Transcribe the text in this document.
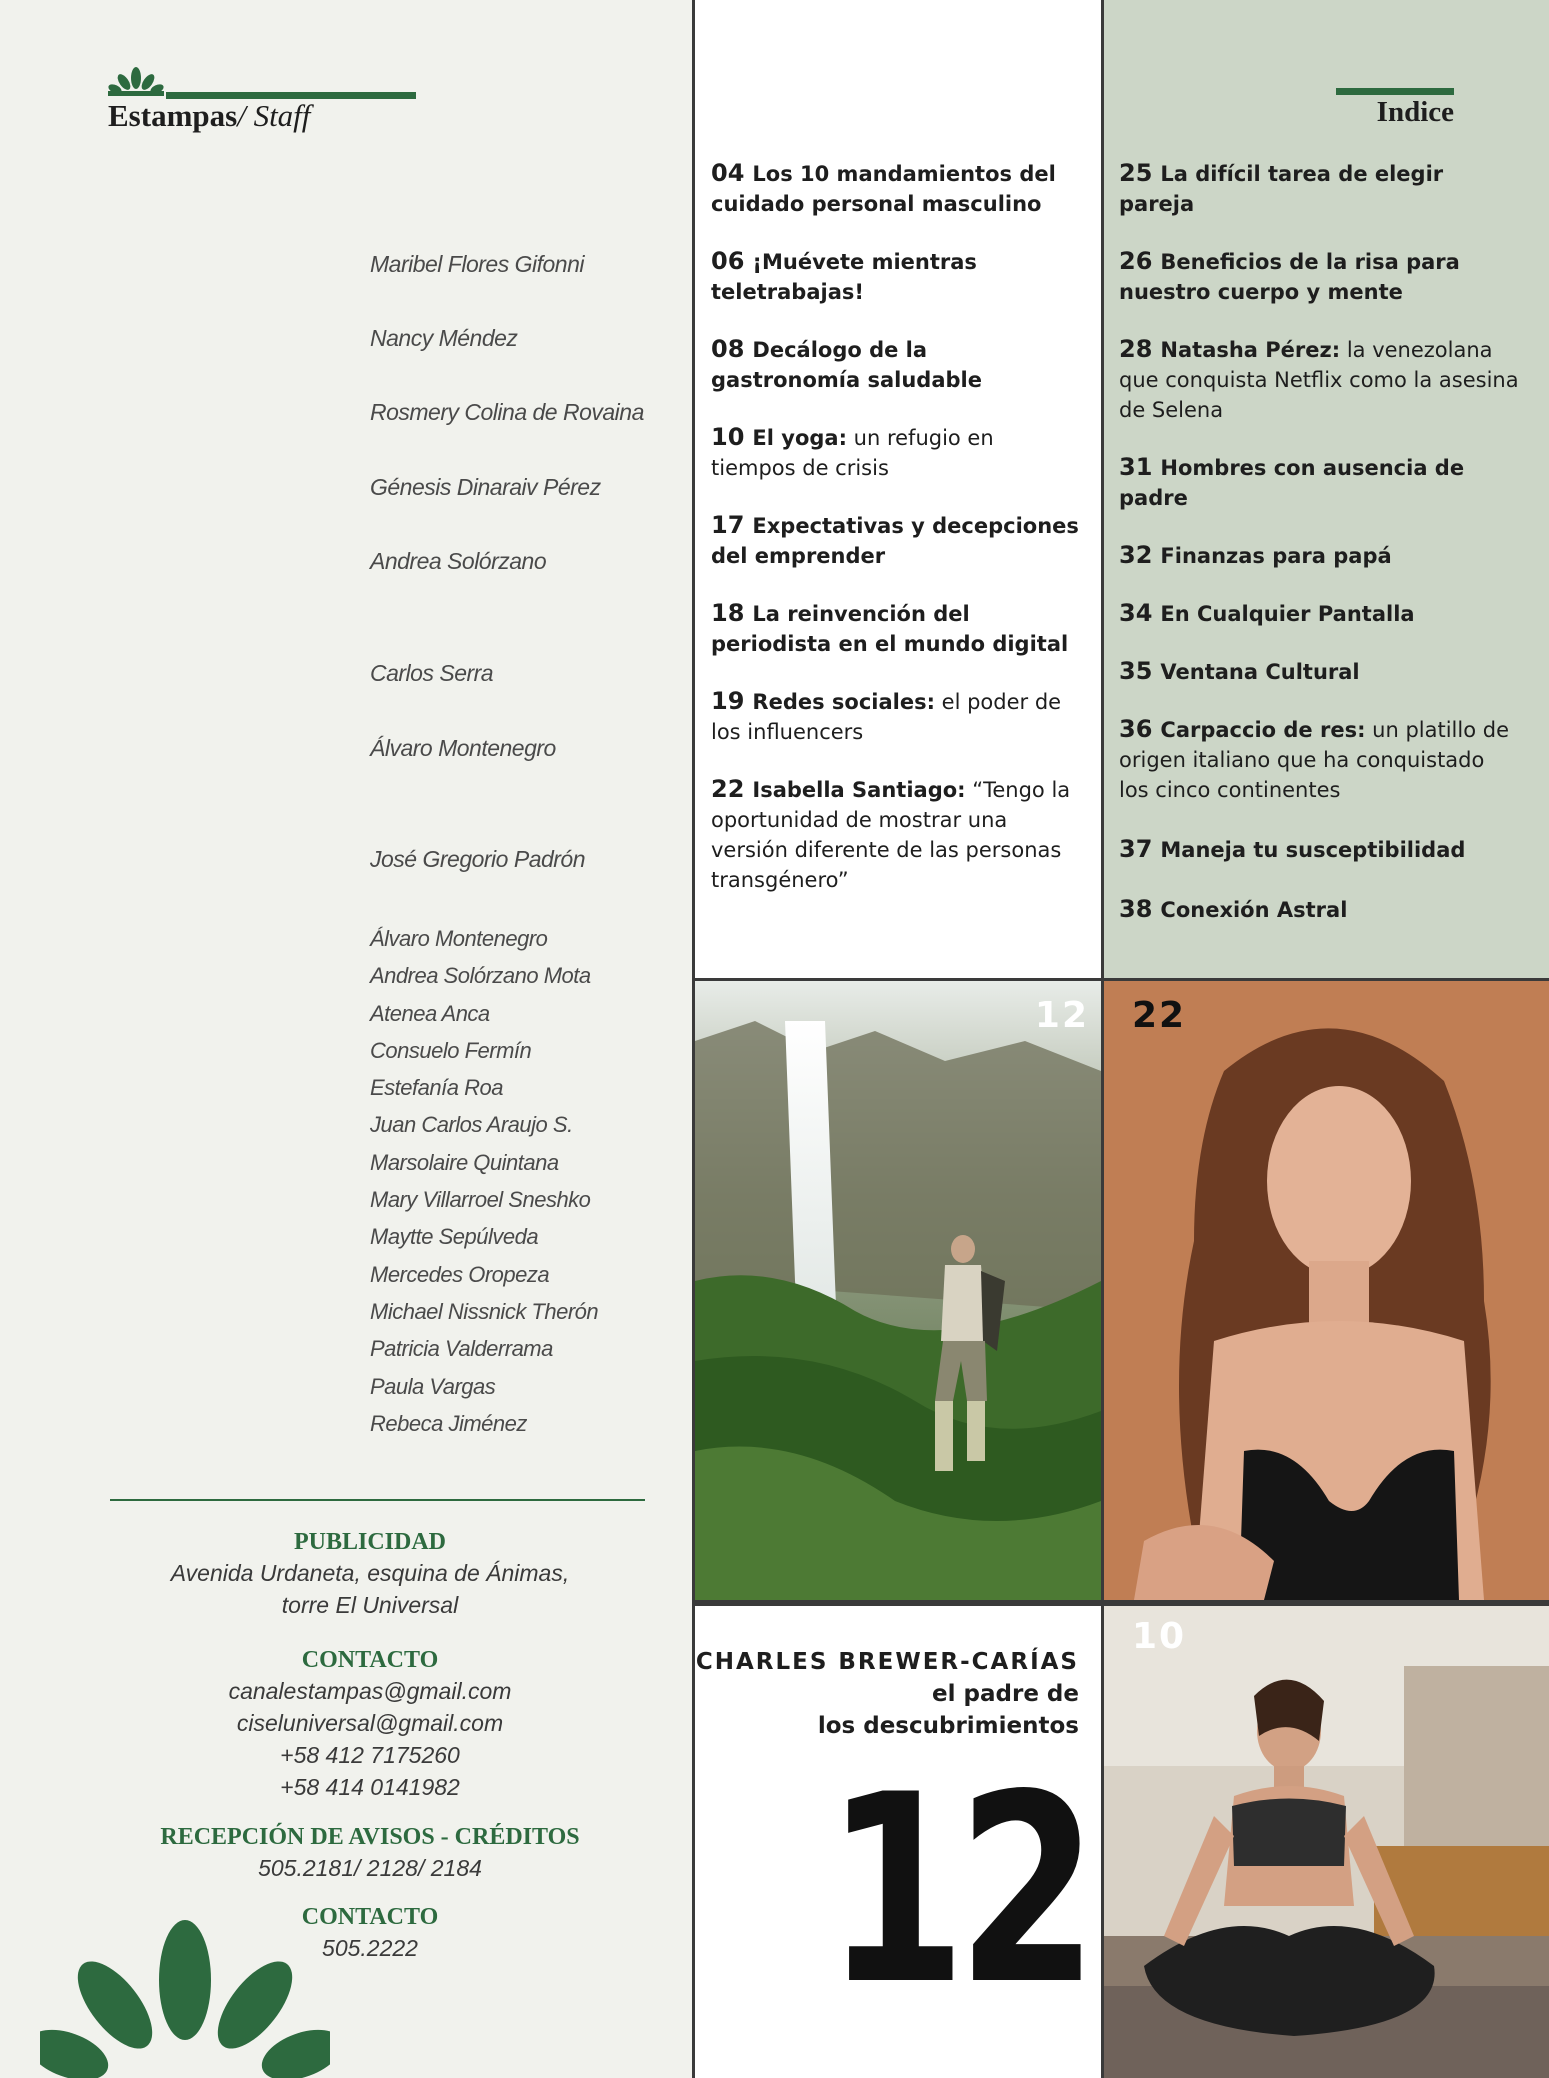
Estampas/ Staff
Maribel Flores Gifonni
Nancy Méndez
Rosmery Colina de Rovaina
Génesis Dinaraiv Pérez
Andrea Solórzano
Carlos Serra
Álvaro Montenegro
José Gregorio Padrón
Álvaro Montenegro
Andrea Solórzano Mota
Atenea Anca
Consuelo Fermín
Estefanía Roa
Juan Carlos Araujo S.
Marsolaire Quintana
Mary Villarroel Sneshko
Maytte Sepúlveda
Mercedes Oropeza
Michael Nissnick Therón
Patricia Valderrama
Paula Vargas
Rebeca Jiménez
PUBLICIDAD
Avenida Urdaneta, esquina de Ánimas,
torre El Universal
CONTACTO
canalestampas@gmail.com
ciseluniversal@gmail.com
+58 412 7175260
+58 414 0141982
RECEPCIÓN DE AVISOS - CRÉDITOS
505.2181/ 2128/ 2184
CONTACTO
505.2222
04 Los 10 mandamientos del cuidado personal masculino
06 ¡Muévete mientras teletrabajas!
08 Decálogo de la gastronomía saludable
10 El yoga: un refugio en tiempos de crisis
17 Expectativas y decepciones del emprender
18 La reinvención del periodista en el mundo digital
19 Redes sociales: el poder de los influencers
22 Isabella Santiago: “Tengo la oportunidad de mostrar una versión diferente de las personas transgénero”
Indice
25 La difícil tarea de elegir pareja
26 Beneficios de la risa para nuestro cuerpo y mente
28 Natasha Pérez: la venezolana que conquista Netflix como la asesina de Selena
31 Hombres con ausencia de padre
32 Finanzas para papá
34 En Cualquier Pantalla
35 Ventana Cultural
36 Carpaccio de res: un platillo de origen italiano que ha conquistado los cinco continentes
37 Maneja tu susceptibilidad
38 Conexión Astral
12 22
CHARLES BREWER-CARÍAS
el padre de
los descubrimientos
12
10
